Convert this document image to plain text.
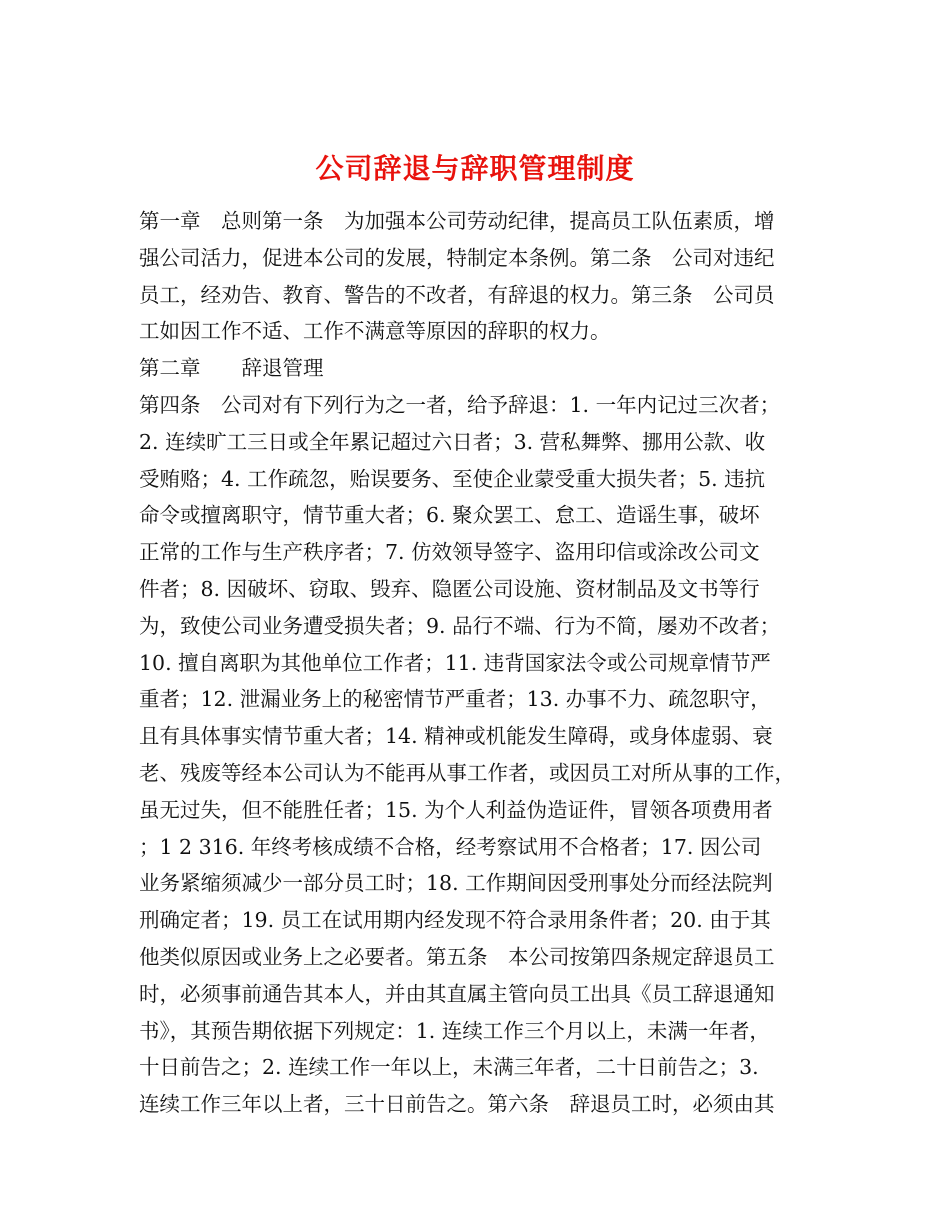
公司辞退与辞职管理制度

第一章　总则第一条　为加强本公司劳动纪律，提高员工队伍素质，增

强公司活力，促进本公司的发展，特制定本条例。第二条　公司对违纪

员工，经劝告、教育、警告的不改者，有辞退的权力。第三条　公司员

工如因工作不适、工作不满意等原因的辞职的权力。

第二章　　辞退管理

第四条　公司对有下列行为之一者，给予辞退：1. 一年内记过三次者；

2. 连续旷工三日或全年累记超过六日者；3. 营私舞弊、挪用公款、收

受贿赂；4. 工作疏忽，贻误要务、至使企业蒙受重大损失者；5. 违抗

命令或擅离职守，情节重大者；6. 聚众罢工、怠工、造谣生事，破坏

正常的工作与生产秩序者；7. 仿效领导签字、盗用印信或涂改公司文

件者；8. 因破坏、窃取、毁弃、隐匿公司设施、资材制品及文书等行

为，致使公司业务遭受损失者；9. 品行不端、行为不简，屡劝不改者；

10. 擅自离职为其他单位工作者；11. 违背国家法令或公司规章情节严

重者；12. 泄漏业务上的秘密情节严重者；13. 办事不力、疏忽职守，

且有具体事实情节重大者；14. 精神或机能发生障碍，或身体虚弱、衰

老、残废等经本公司认为不能再从事工作者，或因员工对所从事的工作，

虽无过失，但不能胜任者；15. 为个人利益伪造证件，冒领各项费用者

；1 2 316. 年终考核成绩不合格，经考察试用不合格者；17. 因公司

业务紧缩须减少一部分员工时；18. 工作期间因受刑事处分而经法院判

刑确定者；19. 员工在试用期内经发现不符合录用条件者；20. 由于其

他类似原因或业务上之必要者。第五条　本公司按第四条规定辞退员工

时，必须事前通告其本人，并由其直属主管向员工出具《员工辞退通知

书》，其预告期依据下列规定：1. 连续工作三个月以上，未满一年者，

十日前告之；2. 连续工作一年以上，未满三年者，二十日前告之；3.

连续工作三年以上者，三十日前告之。第六条　辞退员工时，必须由其
